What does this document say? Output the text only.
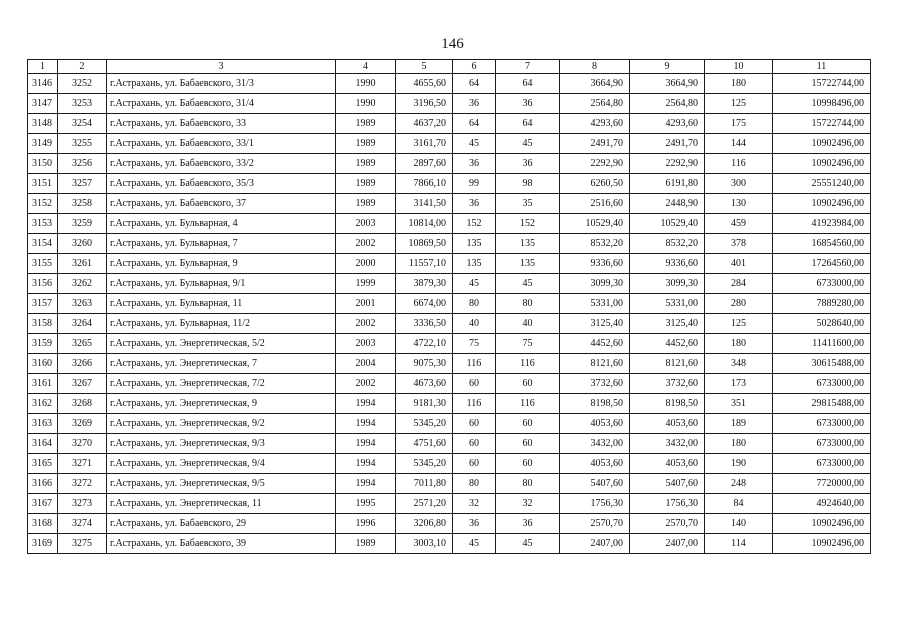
146
1	2	3	4	5	6	7	8	9	10	11
3146	3252	г.Астрахань, ул. Бабаевского, 31/3	1990	4655,60	64	64	3664,90	3664,90	180	15722744,00
3147	3253	г.Астрахань, ул. Бабаевского, 31/4	1990	3196,50	36	36	2564,80	2564,80	125	10998496,00
3148	3254	г.Астрахань, ул. Бабаевского, 33	1989	4637,20	64	64	4293,60	4293,60	175	15722744,00
3149	3255	г.Астрахань, ул. Бабаевского, 33/1	1989	3161,70	45	45	2491,70	2491,70	144	10902496,00
3150	3256	г.Астрахань, ул. Бабаевского, 33/2	1989	2897,60	36	36	2292,90	2292,90	116	10902496,00
3151	3257	г.Астрахань, ул. Бабаевского, 35/3	1989	7866,10	99	98	6260,50	6191,80	300	25551240,00
3152	3258	г.Астрахань, ул. Бабаевского, 37	1989	3141,50	36	35	2516,60	2448,90	130	10902496,00
3153	3259	г.Астрахань, ул. Бульварная, 4	2003	10814,00	152	152	10529,40	10529,40	459	41923984,00
3154	3260	г.Астрахань, ул. Бульварная, 7	2002	10869,50	135	135	8532,20	8532,20	378	16854560,00
3155	3261	г.Астрахань, ул. Бульварная, 9	2000	11557,10	135	135	9336,60	9336,60	401	17264560,00
3156	3262	г.Астрахань, ул. Бульварная, 9/1	1999	3879,30	45	45	3099,30	3099,30	284	6733000,00
3157	3263	г.Астрахань, ул. Бульварная, 11	2001	6674,00	80	80	5331,00	5331,00	280	7889280,00
3158	3264	г.Астрахань, ул. Бульварная, 11/2	2002	3336,50	40	40	3125,40	3125,40	125	5028640,00
3159	3265	г.Астрахань, ул. Энергетическая, 5/2	2003	4722,10	75	75	4452,60	4452,60	180	11411600,00
3160	3266	г.Астрахань, ул. Энергетическая, 7	2004	9075,30	116	116	8121,60	8121,60	348	30615488,00
3161	3267	г.Астрахань, ул. Энергетическая, 7/2	2002	4673,60	60	60	3732,60	3732,60	173	6733000,00
3162	3268	г.Астрахань, ул. Энергетическая, 9	1994	9181,30	116	116	8198,50	8198,50	351	29815488,00
3163	3269	г.Астрахань, ул. Энергетическая, 9/2	1994	5345,20	60	60	4053,60	4053,60	189	6733000,00
3164	3270	г.Астрахань, ул. Энергетическая, 9/3	1994	4751,60	60	60	3432,00	3432,00	180	6733000,00
3165	3271	г.Астрахань, ул. Энергетическая, 9/4	1994	5345,20	60	60	4053,60	4053,60	190	6733000,00
3166	3272	г.Астрахань, ул. Энергетическая, 9/5	1994	7011,80	80	80	5407,60	5407,60	248	7720000,00
3167	3273	г.Астрахань, ул. Энергетическая, 11	1995	2571,20	32	32	1756,30	1756,30	84	4924640,00
3168	3274	г.Астрахань, ул. Бабаевского, 29	1996	3206,80	36	36	2570,70	2570,70	140	10902496,00
3169	3275	г.Астрахань, ул. Бабаевского, 39	1989	3003,10	45	45	2407,00	2407,00	114	10902496,00
